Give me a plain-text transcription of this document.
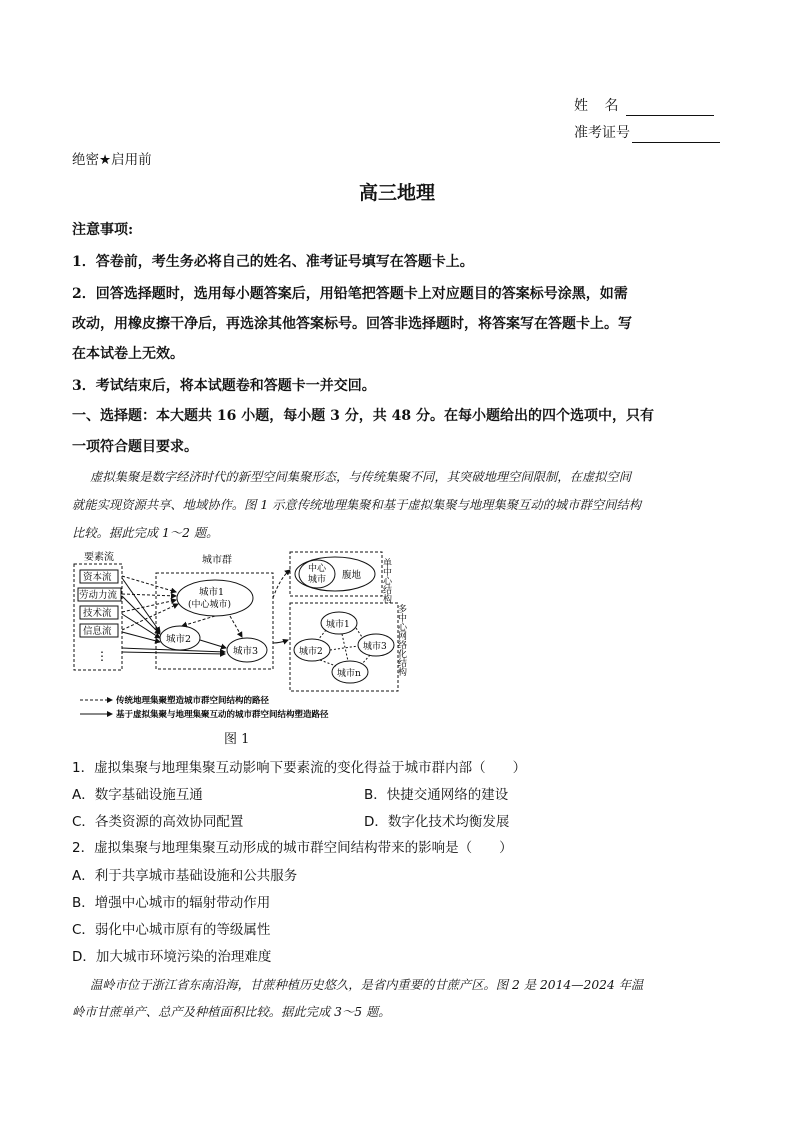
姓 名
准考证号
绝密★启用前
高三地理
注意事项:
1．答卷前，考生务必将自己的姓名、准考证号填写在答题卡上。
2．回答选择题时，选用每小题答案后，用铅笔把答题卡上对应题目的答案标号涂黑，如需
改动，用橡皮擦干净后，再选涂其他答案标号。回答非选择题时，将答案写在答题卡上。写
在本试卷上无效。
3．考试结束后，将本试题卷和答题卡一并交回。
一、选择题：本大题共 16 小题，每小题 3 分，共 48 分。在每小题给出的四个选项中，只有
一项符合题目要求。
虚拟集聚是数字经济时代的新型空间集聚形态，与传统集聚不同，其突破地理空间限制，在虚拟空间
就能实现资源共享、地域协作。图 1 示意传统地理集聚和基于虚拟集聚与地理集聚互动的城市群空间结构
比较。据此完成 1～2 题。
要素流
资本流
劳动力流
技术流
信息流
⋮
城市群
城市1
(中心城市)
城市2
城市3
中心
城市 腹地 单中心结构
城市1
城市2	城市3
城市n	多中心网络化结构
传统地理集聚塑造城市群空间结构的路径
基于虚拟集聚与地理集聚互动的城市群空间结构塑造路径
图 1
1．虚拟集聚与地理集聚互动影响下要素流的变化得益于城市群内部（　　）
A．数字基础设施互通	B．快捷交通网络的建设
C．各类资源的高效协同配置	D．数字化技术均衡发展
2．虚拟集聚与地理集聚互动形成的城市群空间结构带来的影响是（　　）
A．利于共享城市基础设施和公共服务
B．增强中心城市的辐射带动作用
C．弱化中心城市原有的等级属性
D．加大城市环境污染的治理难度
温岭市位于浙江省东南沿海，甘蔗种植历史悠久，是省内重要的甘蔗产区。图 2 是 2014—2024 年温
岭市甘蔗单产、总产及种植面积比较。据此完成 3～5 题。
